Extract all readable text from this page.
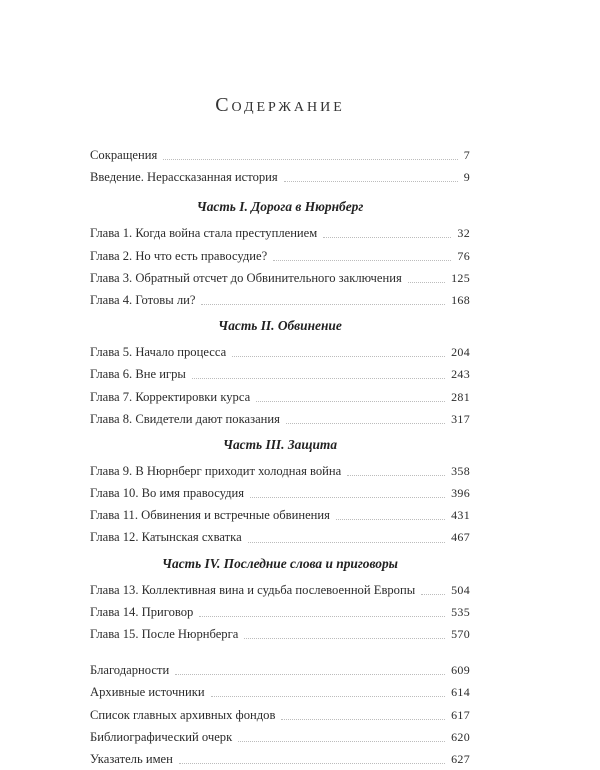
Содержание
Сокращения	7
Введение. Нерассказанная история	9
Часть I. Дорога в Нюрнберг
Глава 1. Когда война стала преступлением	32
Глава 2. Но что есть правосудие?	76
Глава 3. Обратный отсчет до Обвинительного заключения	125
Глава 4. Готовы ли?	168
Часть II. Обвинение
Глава 5. Начало процесса	204
Глава 6. Вне игры	243
Глава 7. Корректировки курса	281
Глава 8. Свидетели дают показания	317
Часть III. Защита
Глава 9. В Нюрнберг приходит холодная война	358
Глава 10. Во имя правосудия	396
Глава 11. Обвинения и встречные обвинения	431
Глава 12. Катынская схватка	467
Часть IV. Последние слова и приговоры
Глава 13. Коллективная вина и судьба послевоенной Европы	504
Глава 14. Приговор	535
Глава 15. После Нюрнберга	570
Благодарности	609
Архивные источники	614
Список главных архивных фондов	617
Библиографический очерк	620
Указатель имен	627
